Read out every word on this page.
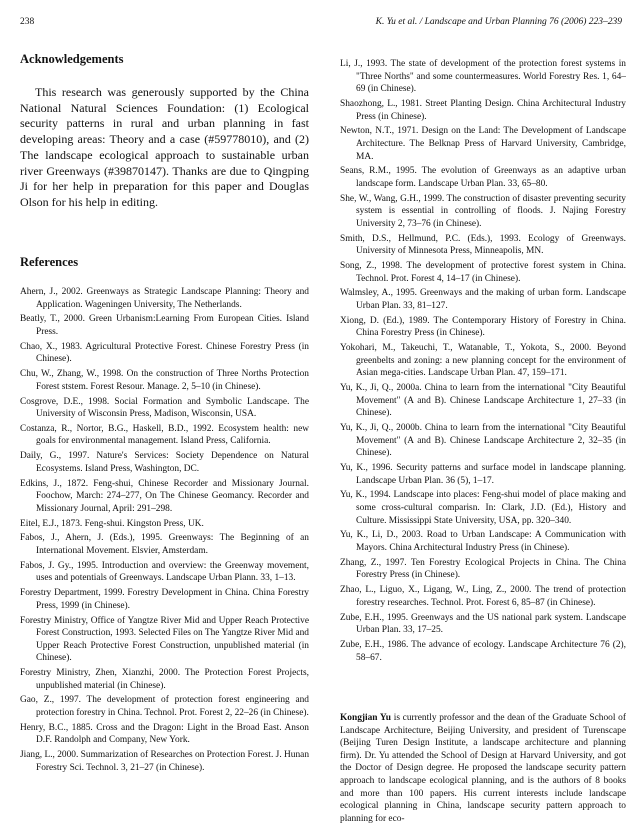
238	K. Yu et al. / Landscape and Urban Planning 76 (2006) 223–239
Acknowledgements

This research was generously supported by the China National Natural Sciences Foundation: (1) Ecological security patterns in rural and urban planning in fast developing areas: Theory and a case (#59778010), and (2) The landscape ecological approach to sustainable urban river Greenways (#39870147). Thanks are due to Qingping Ji for her help in preparation for this paper and Douglas Olson for his help in editing.

References

Ahern, J., 2002. Greenways as Strategic Landscape Planning: Theory and Application. Wageningen University, The Netherlands.

Beatly, T., 2000. Green Urbanism:Learning From European Cities. Island Press.

Chao, X., 1983. Agricultural Protective Forest. Chinese Forestry Press (in Chinese).

Chu, W., Zhang, W., 1998. On the construction of Three Norths Protection Forest ststem. Forest Resour. Manage. 2, 5–10 (in Chinese).

Cosgrove, D.E., 1998. Social Formation and Symbolic Landscape. The University of Wisconsin Press, Madison, Wisconsin, USA.

Costanza, R., Nortor, B.G., Haskell, B.D., 1992. Ecosystem health: new goals for environmental management. Island Press, California.

Daily, G., 1997. Nature's Services: Society Dependence on Natural Ecosystems. Island Press, Washington, DC.

Edkins, J., 1872. Feng-shui, Chinese Recorder and Missionary Journal. Foochow, March: 274–277, On The Chinese Geomancy. Recorder and Missionary Journal, April: 291–298.

Eitel, E.J., 1873. Feng-shui. Kingston Press, UK.

Fabos, J., Ahern, J. (Eds.), 1995. Greenways: The Beginning of an International Movement. Elsvier, Amsterdam.

Fabos, J. Gy., 1995. Introduction and overview: the Greenway movement, uses and potentials of Greenways. Landscape Urban Plann. 33, 1–13.

Forestry Department, 1999. Forestry Development in China. China Forestry Press, 1999 (in Chinese).

Forestry Ministry, Office of Yangtze River Mid and Upper Reach Protective Forest Construction, 1993. Selected Files on The Yangtze River Mid and Upper Reach Protective Forest Construction, unpublished material (in Chinese).

Forestry Ministry, Zhen, Xianzhi, 2000. The Protection Forest Projects, unpublished material (in Chinese).

Gao, Z., 1997. The development of protection forest engineering and protection forestry in China. Technol. Prot. Forest 2, 22–26 (in Chinese).

Henry, B.C., 1885. Cross and the Dragon: Light in the Broad East. Anson D.F. Randolph and Company, New York.

Jiang, L., 2000. Summarization of Researches on Protection Forest. J. Hunan Forestry Sci. Technol. 3, 21–27 (in Chinese).

Li, J., 1993. The state of development of the protection forest systems in "Three Norths" and some countermeasures. World Forestry Res. 1, 64–69 (in Chinese).

Shaozhong, L., 1981. Street Planting Design. China Architectural Industry Press (in Chinese).

Newton, N.T., 1971. Design on the Land: The Development of Landscape Architecture. The Belknap Press of Harvard University, Cambridge, MA.

Seans, R.M., 1995. The evolution of Greenways as an adaptive urban landscape form. Landscape Urban Plan. 33, 65–80.

She, W., Wang, G.H., 1999. The construction of disaster preventing security system is essential in controlling of floods. J. Najing Forestry University 2, 73–76 (in Chinese).

Smith, D.S., Hellmund, P.C. (Eds.), 1993. Ecology of Greenways. University of Minnesota Press, Minneapolis, MN.

Song, Z., 1998. The development of protective forest system in China. Technol. Prot. Forest 4, 14–17 (in Chinese).

Walmsley, A., 1995. Greenways and the making of urban form. Landscape Urban Plan. 33, 81–127.

Xiong, D. (Ed.), 1989. The Contemporary History of Forestry in China. China Forestry Press (in Chinese).

Yokohari, M., Takeuchi, T., Watanable, T., Yokota, S., 2000. Beyond greenbelts and zoning: a new planning concept for the environment of Asian mega-cities. Landscape Urban Plan. 47, 159–171.

Yu, K., Ji, Q., 2000a. China to learn from the international "City Beautiful Movement" (A and B). Chinese Landscape Architecture 1, 27–33 (in Chinese).

Yu, K., Ji, Q., 2000b. China to learn from the international "City Beautiful Movement" (A and B). Chinese Landscape Architecture 2, 32–35 (in Chinese).

Yu, K., 1996. Security patterns and surface model in landscape planning. Landscape Urban Plan. 36 (5), 1–17.

Yu, K., 1994. Landscape into places: Feng-shui model of place making and some cross-cultural comparisn. In: Clark, J.D. (Ed.), History and Culture. Mississippi State University, USA, pp. 320–340.

Yu, K., Li, D., 2003. Road to Urban Landscape: A Communication with Mayors. China Architectural Industry Press (in Chinese).

Zhang, Z., 1997. Ten Forestry Ecological Projects in China. The China Forestry Press (in Chinese).

Zhao, L., Liguo, X., Ligang, W., Ling, Z., 2000. The trend of protection forestry researches. Technol. Prot. Forest 6, 85–87 (in Chinese).

Zube, E.H., 1995. Greenways and the US national park system. Landscape Urban Plan. 33, 17–25.

Zube, E.H., 1986. The advance of ecology. Landscape Architecture 76 (2), 58–67.

Kongjian Yu is currently professor and the dean of the Graduate School of Landscape Architecture, Beijing University, and president of Turenscape (Beijing Turen Design Institute, a landscape architecture and planning firm). Dr. Yu attended the School of Design at Harvard University, and got the Doctor of Design degree. He proposed the landscape security pattern approach to landscape ecological planning, and is the authors of 8 books and more than 100 papers. His current interests include landscape ecological planning in China, landscape security pattern approach to planning for eco-
